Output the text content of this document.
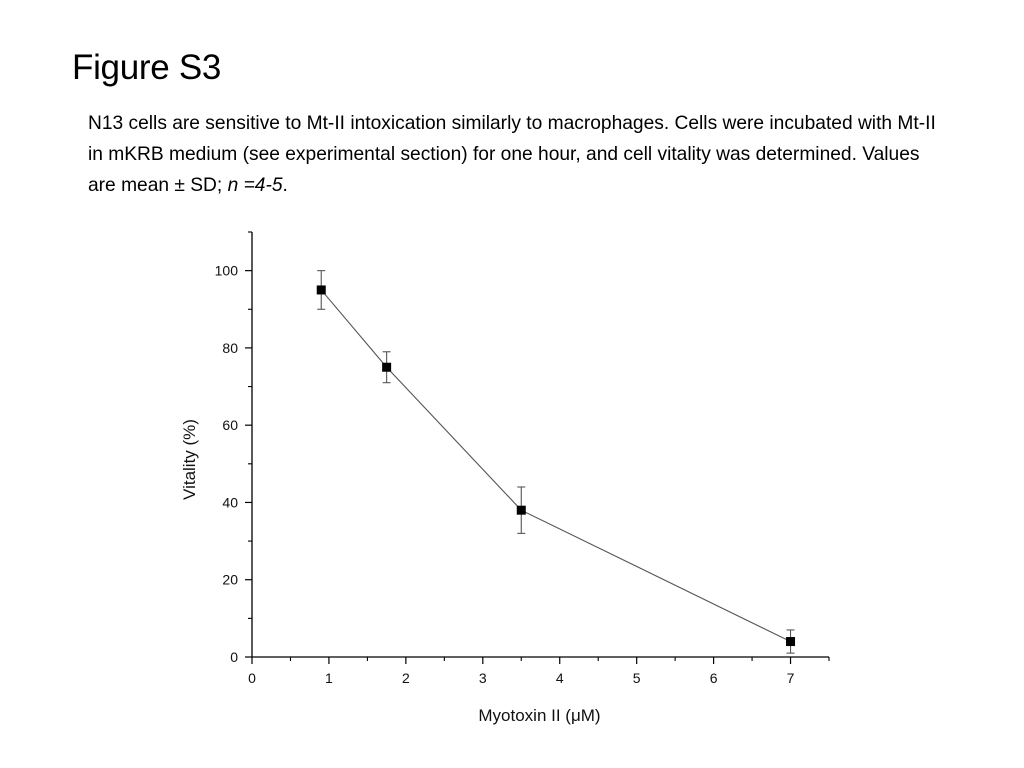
Figure S3

N13 cells are sensitive to Mt-II intoxication similarly to macrophages. Cells were incubated with Mt-II in mKRB medium (see experimental section) for one hour, and cell vitality was determined. Values are mean ± SD; n =4-5.

Vitality (%)
Myotoxin II (μM)
0
20
40
60
80
100
0	1	2	3	4	5	6	7
